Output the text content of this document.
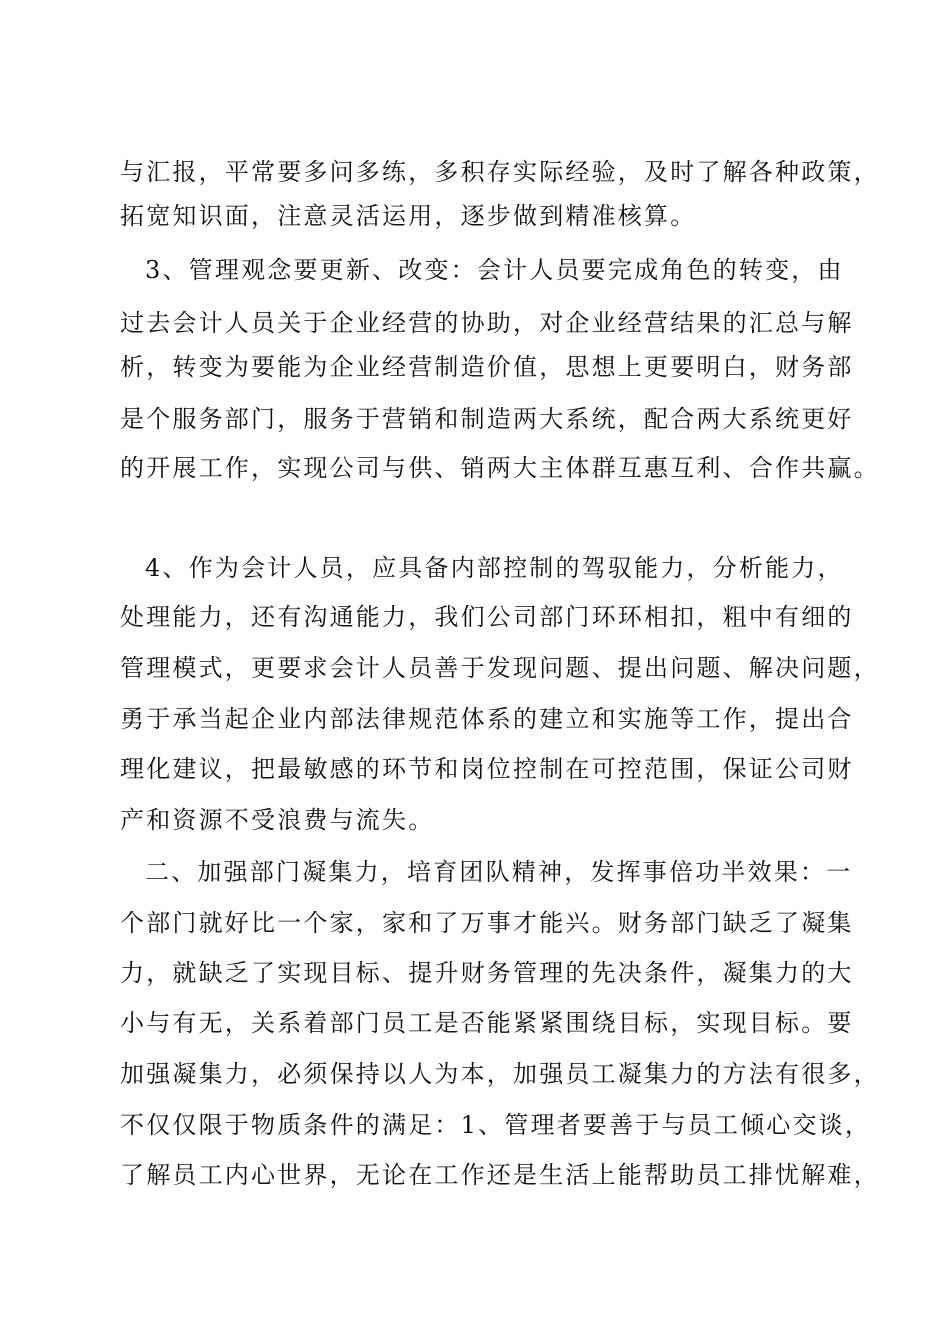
与汇报，平常要多问多练，多积存实际经验，及时了解各种政策，
拓宽知识面，注意灵活运用，逐步做到精准核算。
3、管理观念要更新、改变：会计人员要完成角色的转变，由
过去会计人员关于企业经营的协助，对企业经营结果的汇总与解
析，转变为要能为企业经营制造价值，思想上更要明白，财务部
是个服务部门，服务于营销和制造两大系统，配合两大系统更好
的开展工作，实现公司与供、销两大主体群互惠互利、合作共赢。
4、作为会计人员，应具备内部控制的驾驭能力，分析能力，
处理能力，还有沟通能力，我们公司部门环环相扣，粗中有细的
管理模式，更要求会计人员善于发现问题、提出问题、解决问题，
勇于承当起企业内部法律规范体系的建立和实施等工作，提出合
理化建议，把最敏感的环节和岗位控制在可控范围，保证公司财
产和资源不受浪费与流失。
二、加强部门凝集力，培育团队精神，发挥事倍功半效果：一
个部门就好比一个家，家和了万事才能兴。财务部门缺乏了凝集
力，就缺乏了实现目标、提升财务管理的先决条件，凝集力的大
小与有无，关系着部门员工是否能紧紧围绕目标，实现目标。要
加强凝集力，必须保持以人为本，加强员工凝集力的方法有很多，
不仅仅限于物质条件的满足：1、管理者要善于与员工倾心交谈，
了解员工内心世界，无论在工作还是生活上能帮助员工排忧解难，
